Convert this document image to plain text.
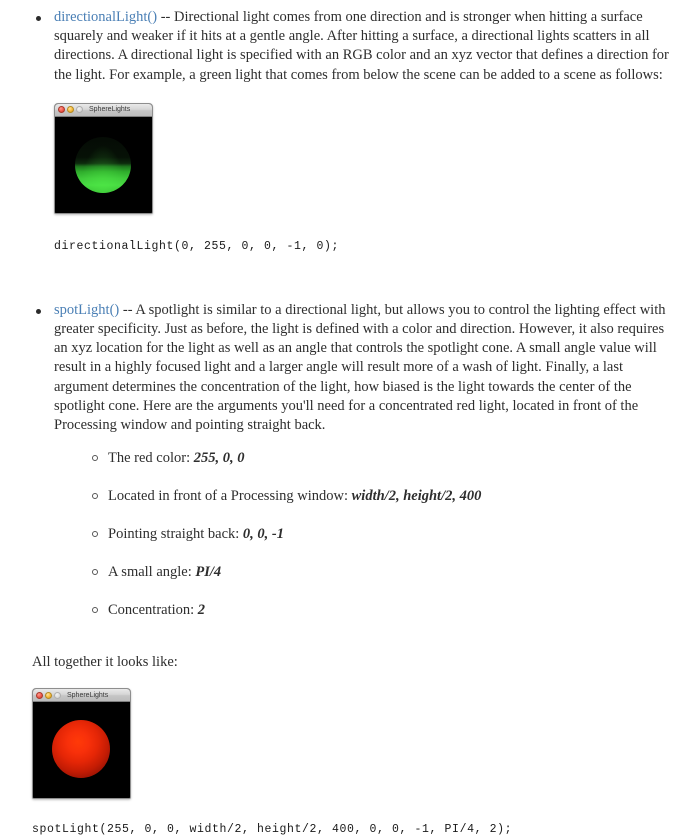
directionalLight() -- Directional light comes from one direction and is stronger when hitting a surface squarely and weaker if it hits at a gentle angle. After hitting a surface, a directional lights scatters in all directions. A directional light is specified with an RGB color and an xyz vector that defines a direction for the light. For example, a green light that comes from below the scene can be added to a scene as follows:

SphereLights
directionalLight(0, 255, 0, 0, -1, 0);

spotLight() -- A spotlight is similar to a directional light, but allows you to control the lighting effect with greater specificity. Just as before, the light is defined with a color and direction. However, it also requires an xyz location for the light as well as an angle that controls the spotlight cone. A small angle value will result in a highly focused light and a larger angle will result more of a wash of light. Finally, a last argument determines the concentration of the light, how biased is the light towards the center of the spotlight cone. Here are the arguments you'll need for a concentrated red light, located in front of the Processing window and pointing straight back.

The red color: 255, 0, 0
Located in front of a Processing window: width/2, height/2, 400
Pointing straight back: 0, 0, -1
A small angle: PI/4
Concentration: 2

All together it looks like:

SphereLights
spotLight(255, 0, 0, width/2, height/2, 400, 0, 0, -1, PI/4, 2);
